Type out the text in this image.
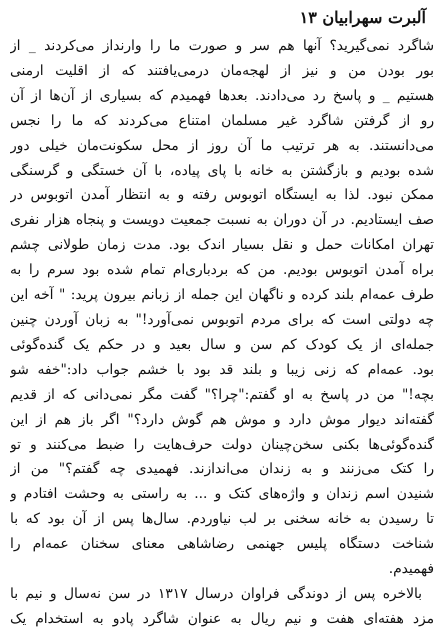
آلبرت سهرابیان ۱۳
شاگرد نمی‌گیرید؟ آنها هم سر و صورت ما را وارنداز می‌کردند _ از
بور بودن من و نیز از لهجه‌مان درمی‌یافتند که از اقلیت ارمنی
هستیم _ و پاسخ رد می‌دادند. بعدها فهمیدم که بسیاری از آن‌ها از آن
رو از گرفتن شاگرد غیر مسلمان امتناع می‌کردند که ما را نجس
می‌دانستند. به هر ترتیب ما آن روز از محل سکونت‌مان خیلی دور
شده بودیم و بازگشتن به خانه با پای پیاده، با آن خستگی و گرسنگی
ممکن نبود. لذا به ایستگاه اتوبوس رفته و به انتظار آمدن اتوبوس در
صف ایستادیم. در آن دوران به نسبت جمعیت دویست و پنجاه هزار نفری
تهران امکانات حمل و نقل بسیار اندک بود. مدت زمان طولانی چشم
براه آمدن اتوبوس بودیم. من که بردباری‌ام تمام شده بود سرم را به
طرف عمه‌ام بلند کرده و ناگهان این جمله از زبانم بیرون پرید: " آخه این
چه دولتی است که برای مردم اتوبوس نمی‌آورد!" به زبان آوردن چنین
جمله‌ای از یک کودک کم سن و سال بعید و در حکم یک گنده‌گوئی
بود. عمه‌ام که زنی زیبا و بلند قد بود با خشم جواب داد:"خفه شو
بچه!" من در پاسخ به او گفتم:"چرا؟" گفت مگر نمی‌دانی که از قدیم
گفته‌اند دیوار موش دارد و موش هم گوش دارد؟" اگر باز هم از این
گنده‌گوئی‌ها بکنی سخن‌چینان دولت حرف‌هایت را ضبط می‌کنند و تو
را کتک می‌زنند و به زندان می‌اندازند. فهمیدی چه گفتم؟" من از
شنیدن اسم زندان و واژه‌های کتک و ... به راستی به وحشت افتادم و
تا رسیدن به خانه سخنی بر لب نیاوردم. سال‌ها پس از آن بود که با
شناخت دستگاه پلیس جهنمی رضاشاهی معنای سخنان عمه‌ام را
فهمیدم.
بالاخره پس از دوندگی فراوان درسال ۱۳۱۷ در سن نه‌سال و نیم با
مزد هفته‌ای هفت و نیم ریال به عنوان شاگرد پادو به استخدام یک
